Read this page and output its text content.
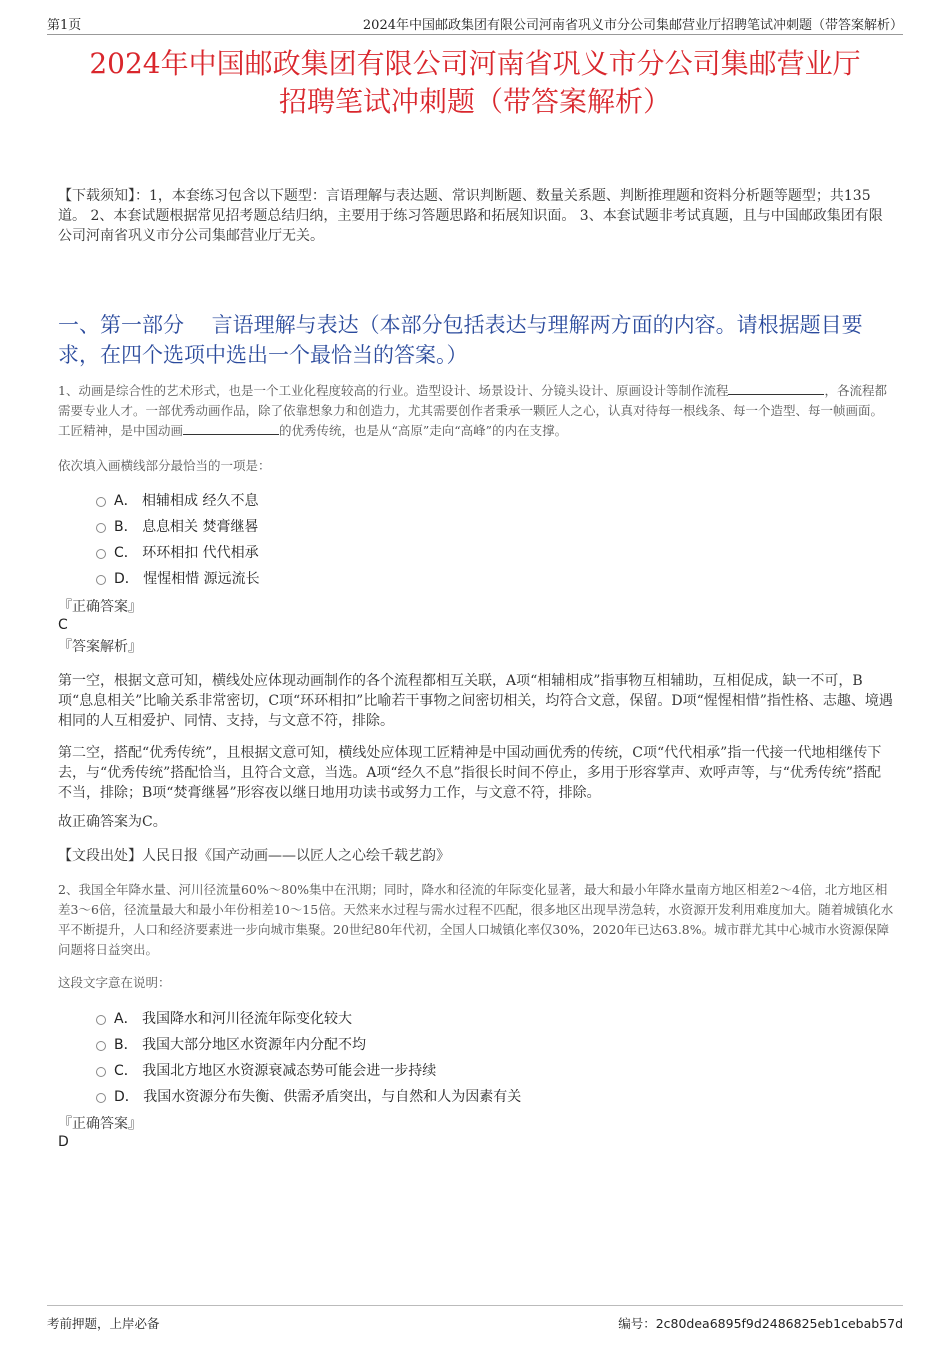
第1页	2024年中国邮政集团有限公司河南省巩义市分公司集邮营业厅招聘笔试冲刺题（带答案解析）
2024年中国邮政集团有限公司河南省巩义市分公司集邮营业厅
招聘笔试冲刺题（带答案解析）
【下载须知】：1，本套练习包含以下题型：言语理解与表达题、常识判断题、数量关系题、判断推理题和资料分析题等题型；共135道。 2、本套试题根据常见招考题总结归纳，主要用于练习答题思路和拓展知识面。 3、本套试题非考试真题，且与中国邮政集团有限公司河南省巩义市分公司集邮营业厅无关。
一、第一部分　 言语理解与表达（本部分包括表达与理解两方面的内容。请根据题目要求，在四个选项中选出一个最恰当的答案。）
1、动画是综合性的艺术形式，也是一个工业化程度较高的行业。造型设计、场景设计、分镜头设计、原画设计等制作流程	，各流程都需要专业人才。一部优秀动画作品，除了依靠想象力和创造力，尤其需要创作者秉承一颗匠人之心，认真对待每一根线条、每一个造型、每一帧画面。工匠精神，是中国动画	的优秀传统，也是从“高原”走向“高峰”的内在支撑。
依次填入画横线部分最恰当的一项是：
A． 相辅相成 经久不息
B． 息息相关 焚膏继晷
C． 环环相扣 代代相承
D． 惺惺相惜 源远流长
『正确答案』
C
『答案解析』
第一空，根据文意可知，横线处应体现动画制作的各个流程都相互关联，A项“相辅相成”指事物互相辅助，互相促成，缺一不可，B项“息息相关”比喻关系非常密切，C项“环环相扣”比喻若干事物之间密切相关，均符合文意，保留。D项“惺惺相惜”指性格、志趣、境遇相同的人互相爱护、同情、支持，与文意不符，排除。
第二空，搭配“优秀传统”，且根据文意可知，横线处应体现工匠精神是中国动画优秀的传统，C项“代代相承”指一代接一代地相继传下去，与“优秀传统”搭配恰当，且符合文意，当选。A项“经久不息”指很长时间不停止，多用于形容掌声、欢呼声等，与“优秀传统”搭配不当，排除；B项“焚膏继晷”形容夜以继日地用功读书或努力工作，与文意不符，排除。
故正确答案为C。
【文段出处】人民日报《国产动画——以匠人之心绘千载艺韵》
2、我国全年降水量、河川径流量60%～80%集中在汛期；同时，降水和径流的年际变化显著，最大和最小年降水量南方地区相差2～4倍，北方地区相差3～6倍，径流量最大和最小年份相差10～15倍。天然来水过程与需水过程不匹配，很多地区出现旱涝急转，水资源开发利用难度加大。随着城镇化水平不断提升，人口和经济要素进一步向城市集聚。20世纪80年代初，全国人口城镇化率仅30%，2020年已达63.8%。城市群尤其中心城市水资源保障问题将日益突出。
这段文字意在说明：
A． 我国降水和河川径流年际变化较大
B． 我国大部分地区水资源年内分配不均
C． 我国北方地区水资源衰减态势可能会进一步持续
D． 我国水资源分布失衡、供需矛盾突出，与自然和人为因素有关
『正确答案』
D
考前押题，上岸必备	编号：2c80dea6895f9d2486825eb1cebab57d
